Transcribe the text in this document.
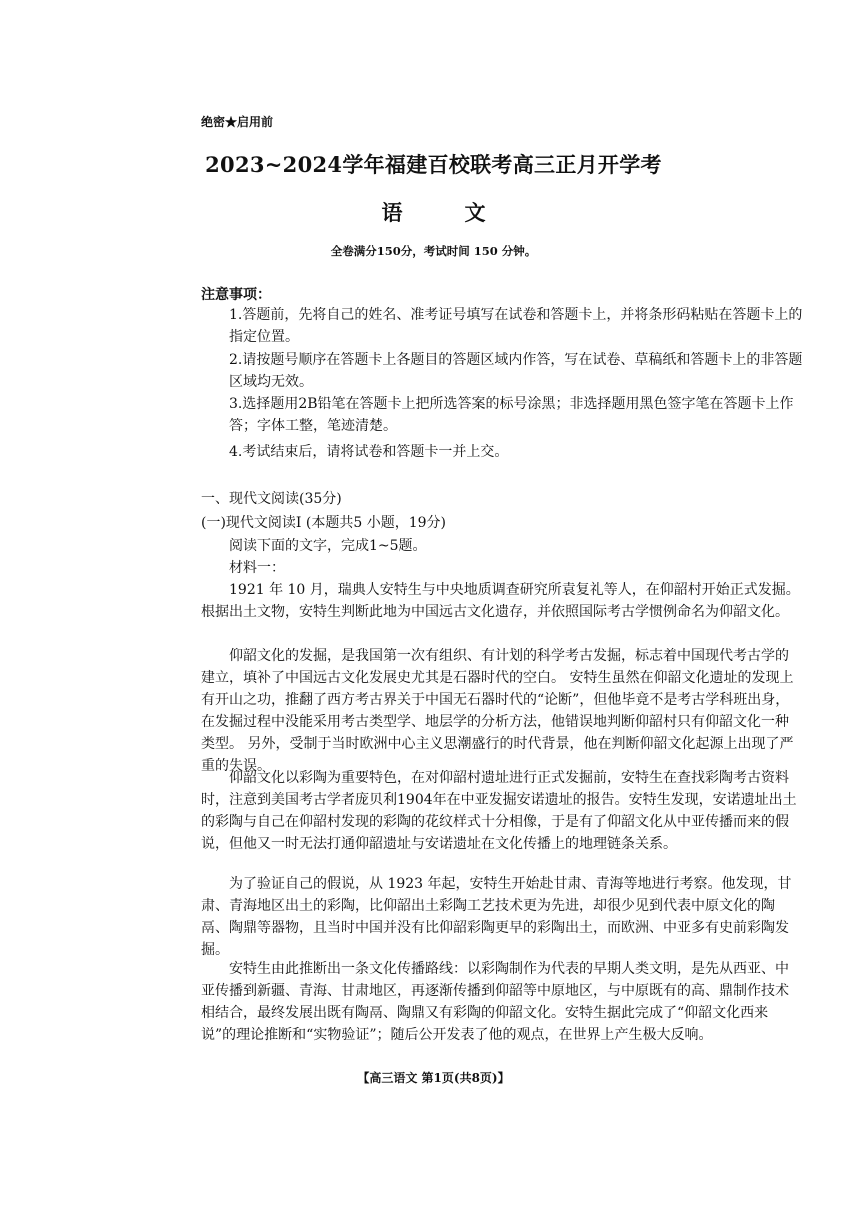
绝密★启用前
2023~2024学年福建百校联考高三正月开学考
语	文
全卷满分150分，考试时间 150 分钟。
注意事项：
1.答题前，先将自己的姓名、准考证号填写在试卷和答题卡上，并将条形码粘贴在答题卡上的指定位置。
2.请按题号顺序在答题卡上各题目的答题区域内作答，写在试卷、草稿纸和答题卡上的非答题区域均无效。
3.选择题用2B铅笔在答题卡上把所选答案的标号涂黑；非选择题用黑色签字笔在答题卡上作答；字体工整，笔迹清楚。
4.考试结束后，请将试卷和答题卡一并上交。
一、现代文阅读(35分)
(一)现代文阅读Ⅰ (本题共5 小题，19分)
阅读下面的文字，完成1~5题。
材料一：
1921 年 10 月，瑞典人安特生与中央地质调查研究所袁复礼等人，在仰韶村开始正式发掘。根据出土文物，安特生判断此地为中国远古文化遗存，并依照国际考古学惯例命名为仰韶文化。
仰韶文化的发掘，是我国第一次有组织、有计划的科学考古发掘，标志着中国现代考古学的建立，填补了中国远古文化发展史尤其是石器时代的空白。 安特生虽然在仰韶文化遗址的发现上有开山之功，推翻了西方考古界关于中国无石器时代的“论断”，但他毕竟不是考古学科班出身，在发掘过程中没能采用考古类型学、地层学的分析方法，他错误地判断仰韶村只有仰韶文化一种类型。 另外，受制于当时欧洲中心主义思潮盛行的时代背景，他在判断仰韶文化起源上出现了严重的失误。
仰韶文化以彩陶为重要特色，在对仰韶村遗址进行正式发掘前，安特生在查找彩陶考古资料时，注意到美国考古学者庞贝利1904年在中亚发掘安诺遗址的报告。安特生发现，安诺遗址出土的彩陶与自己在仰韶村发现的彩陶的花纹样式十分相像，于是有了仰韶文化从中亚传播而来的假说，但他又一时无法打通仰韶遗址与安诺遗址在文化传播上的地理链条关系。
为了验证自己的假说，从 1923 年起，安特生开始赴甘肃、青海等地进行考察。他发现，甘肃、青海地区出土的彩陶，比仰韶出土彩陶工艺技术更为先进，却很少见到代表中原文化的陶鬲、陶鼎等器物，且当时中国并没有比仰韶彩陶更早的彩陶出土，而欧洲、中亚多有史前彩陶发掘。
安特生由此推断出一条文化传播路线：以彩陶制作为代表的早期人类文明，是先从西亚、中亚传播到新疆、青海、甘肃地区，再逐渐传播到仰韶等中原地区，与中原既有的高、鼎制作技术相结合，最终发展出既有陶鬲、陶鼎又有彩陶的仰韶文化。安特生据此完成了“仰韶文化西来说”的理论推断和“实物验证”；随后公开发表了他的观点，在世界上产生极大反响。
【高三语文 第1页(共8页)】
